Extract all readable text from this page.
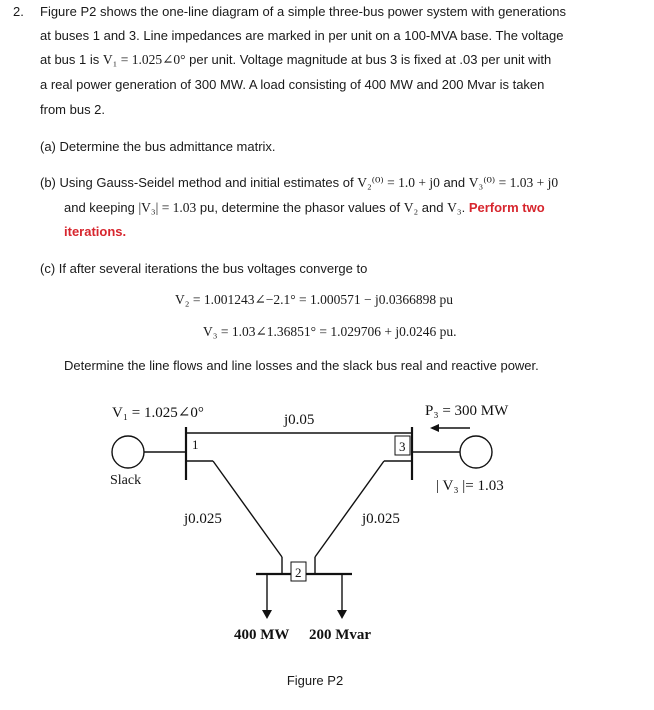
2. Figure P2 shows the one-line diagram of a simple three-bus power system with generations
at buses 1 and 3. Line impedances are marked in per unit on a 100-MVA base. The voltage
at bus 1 is V₁ = 1.025∠0° per unit. Voltage magnitude at bus 3 is fixed at .03 per unit with
a real power generation of 300 MW. A load consisting of 400 MW and 200 Mvar is taken
from bus 2.
(a) Determine the bus admittance matrix.
(b) Using Gauss-Seidel method and initial estimates of V₂⁽⁰⁾ = 1.0 + j0 and V₃⁽⁰⁾ = 1.03 + j0
and keeping |V₃| = 1.03 pu, determine the phasor values of V₂ and V₃. Perform two
iterations.
(c) If after several iterations the bus voltages converge to
V₂ = 1.001243∠−2.1° = 1.000571 − j0.0366898 pu
V₃ = 1.03∠1.36851° = 1.029706 + j0.0246 pu.
Determine the line flows and line losses and the slack bus real and reactive power.
V₁ = 1.025∠0°
Slack
1	3
2
j0.05
j0.025	j0.025
P₃ = 300 MW
| V₃ |= 1.03
400 MW 200 Mvar
Figure P2
